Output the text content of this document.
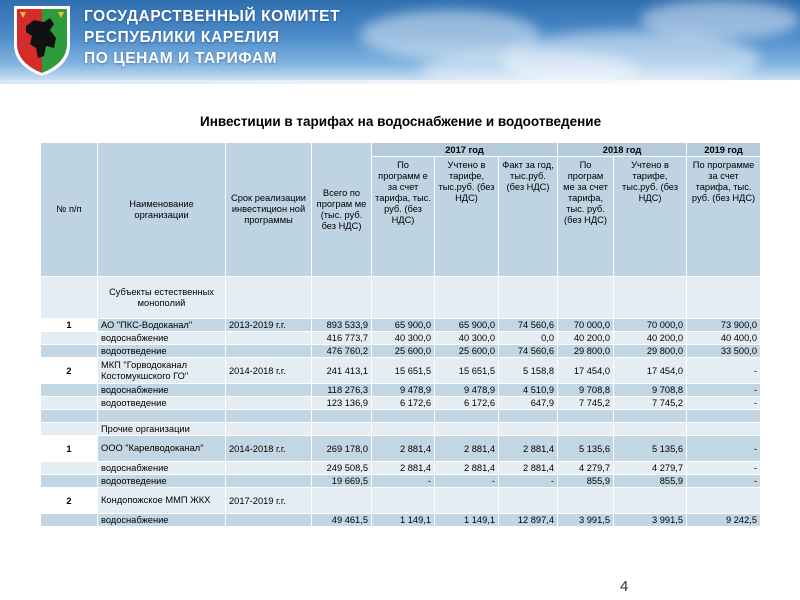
ГОСУДАРСТВЕННЫЙ КОМИТЕТ
РЕСПУБЛИКИ КАРЕЛИЯ
ПО ЦЕНАМ И ТАРИФАМ
Инвестиции в тарифах на водоснабжение и водоотведение
№ п/п	Наименование организации	Срок реализации инвестицион ной программы	Всего по програм ме (тыс. руб. без НДС)	2017 год			2018 год		2019 год
				По программ е за счет тарифа, тыс. руб. (без НДС)	Учтено в тарифе, тыс.руб. (без НДС)	Факт за год, тыс.руб. (без НДС)	По програм ме за счет тарифа, тыс. руб. (без НДС)	Учтено в тарифе, тыс.руб. (без НДС)	По программе за счет тарифа, тыс. руб. (без НДС)
	Субъекты естественных монополий								
1	АО "ПКС-Водоканал"	2013-2019 г.г.	893 533,9	65 900,0	65 900,0	74 560,6	70 000,0	70 000,0	73 900,0
	водоснабжение		416 773,7	40 300,0	40 300,0	0,0	40 200,0	40 200,0	40 400,0
	водоотведение		476 760,2	25 600,0	25 600,0	74 560,6	29 800,0	29 800,0	33 500,0
2	МКП "Горводоканал Костомукшского ГО"	2014-2018 г.г.	241 413,1	15 651,5	15 651,5	5 158,8	17 454,0	17 454,0	-
	водоснабжение		118 276,3	9 478,9	9 478,9	4 510,9	9 708,8	9 708,8	-
	водоотведение		123 136,9	6 172,6	6 172,6	647,9	7 745,2	7 745,2	-

	Прочие организации								
1	ООО "Карелводоканал"	2014-2018 г.г.	269 178,0	2 881,4	2 881,4	2 881,4	5 135,6	5 135,6	-
	водоснабжение		249 508,5	2 881,4	2 881,4	2 881,4	4 279,7	4 279,7	-
	водоотведение		19 669,5	-	-	-	855,9	855,9	-
2	Кондопожское ММП ЖКХ	2017-2019 г.г.							
	водоснабжение		49 461,5	1 149,1	1 149,1	12 897,4	3 991,5	3 991,5	9 242,5
4
